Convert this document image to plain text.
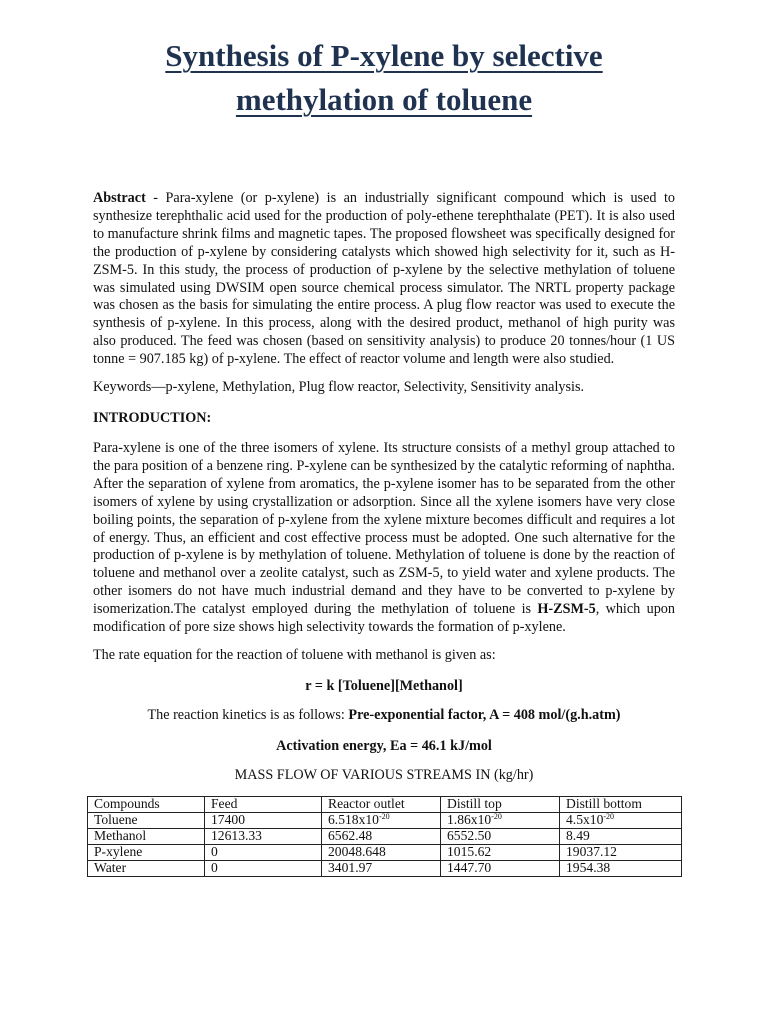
Synthesis of P-xylene by selective
methylation of toluene

Abstract - Para-xylene (or p-xylene) is an industrially significant compound which is used to synthesize terephthalic acid used for the production of poly-ethene terephthalate (PET). It is also used to manufacture shrink films and magnetic tapes. The proposed flowsheet was specifically designed for the production of p-xylene by considering catalysts which showed high selectivity for it, such as H-ZSM-5. In this study, the process of production of p-xylene by the selective methylation of toluene was simulated using DWSIM open source chemical process simulator. The NRTL property package was chosen as the basis for simulating the entire process. A plug flow reactor was used to execute the synthesis of p-xylene. In this process, along with the desired product, methanol of high purity was also produced. The feed was chosen (based on sensitivity analysis) to produce 20 tonnes/hour (1 US tonne = 907.185 kg) of p-xylene. The effect of reactor volume and length were also studied.

Keywords—p-xylene, Methylation, Plug flow reactor, Selectivity, Sensitivity analysis.

INTRODUCTION:

Para-xylene is one of the three isomers of xylene. Its structure consists of a methyl group attached to the para position of a benzene ring. P-xylene can be synthesized by the catalytic reforming of naphtha. After the separation of xylene from aromatics, the p-xylene isomer has to be separated from the other isomers of xylene by using crystallization or adsorption. Since all the xylene isomers have very close boiling points, the separation of p-xylene from the xylene mixture becomes difficult and requires a lot of energy. Thus, an efficient and cost effective process must be adopted. One such alternative for the production of p-xylene is by methylation of toluene. Methylation of toluene is done by the reaction of toluene and methanol over a zeolite catalyst, such as ZSM-5, to yield water and xylene products. The other isomers do not have much industrial demand and they have to be converted to p-xylene by isomerization.The catalyst employed during the methylation of toluene is H-ZSM-5, which upon modification of pore size shows high selectivity towards the formation of p-xylene.

The rate equation for the reaction of toluene with methanol is given as:

r = k [Toluene][Methanol]

The reaction kinetics is as follows: Pre-exponential factor, A = 408 mol/(g.h.atm)

Activation energy, Ea = 46.1 kJ/mol

MASS FLOW OF VARIOUS STREAMS IN (kg/hr)

Compounds	Feed	Reactor outlet	Distill top	Distill bottom
Toluene	17400	$6.518x10^{-20}$	$1.86x10^{-20}$	$4.5x10^{-20}$
Methanol	12613.33	6562.48	6552.50	8.49
P-xylene	0	20048.648	1015.62	19037.12
Water	0	3401.97	1447.70	1954.38
